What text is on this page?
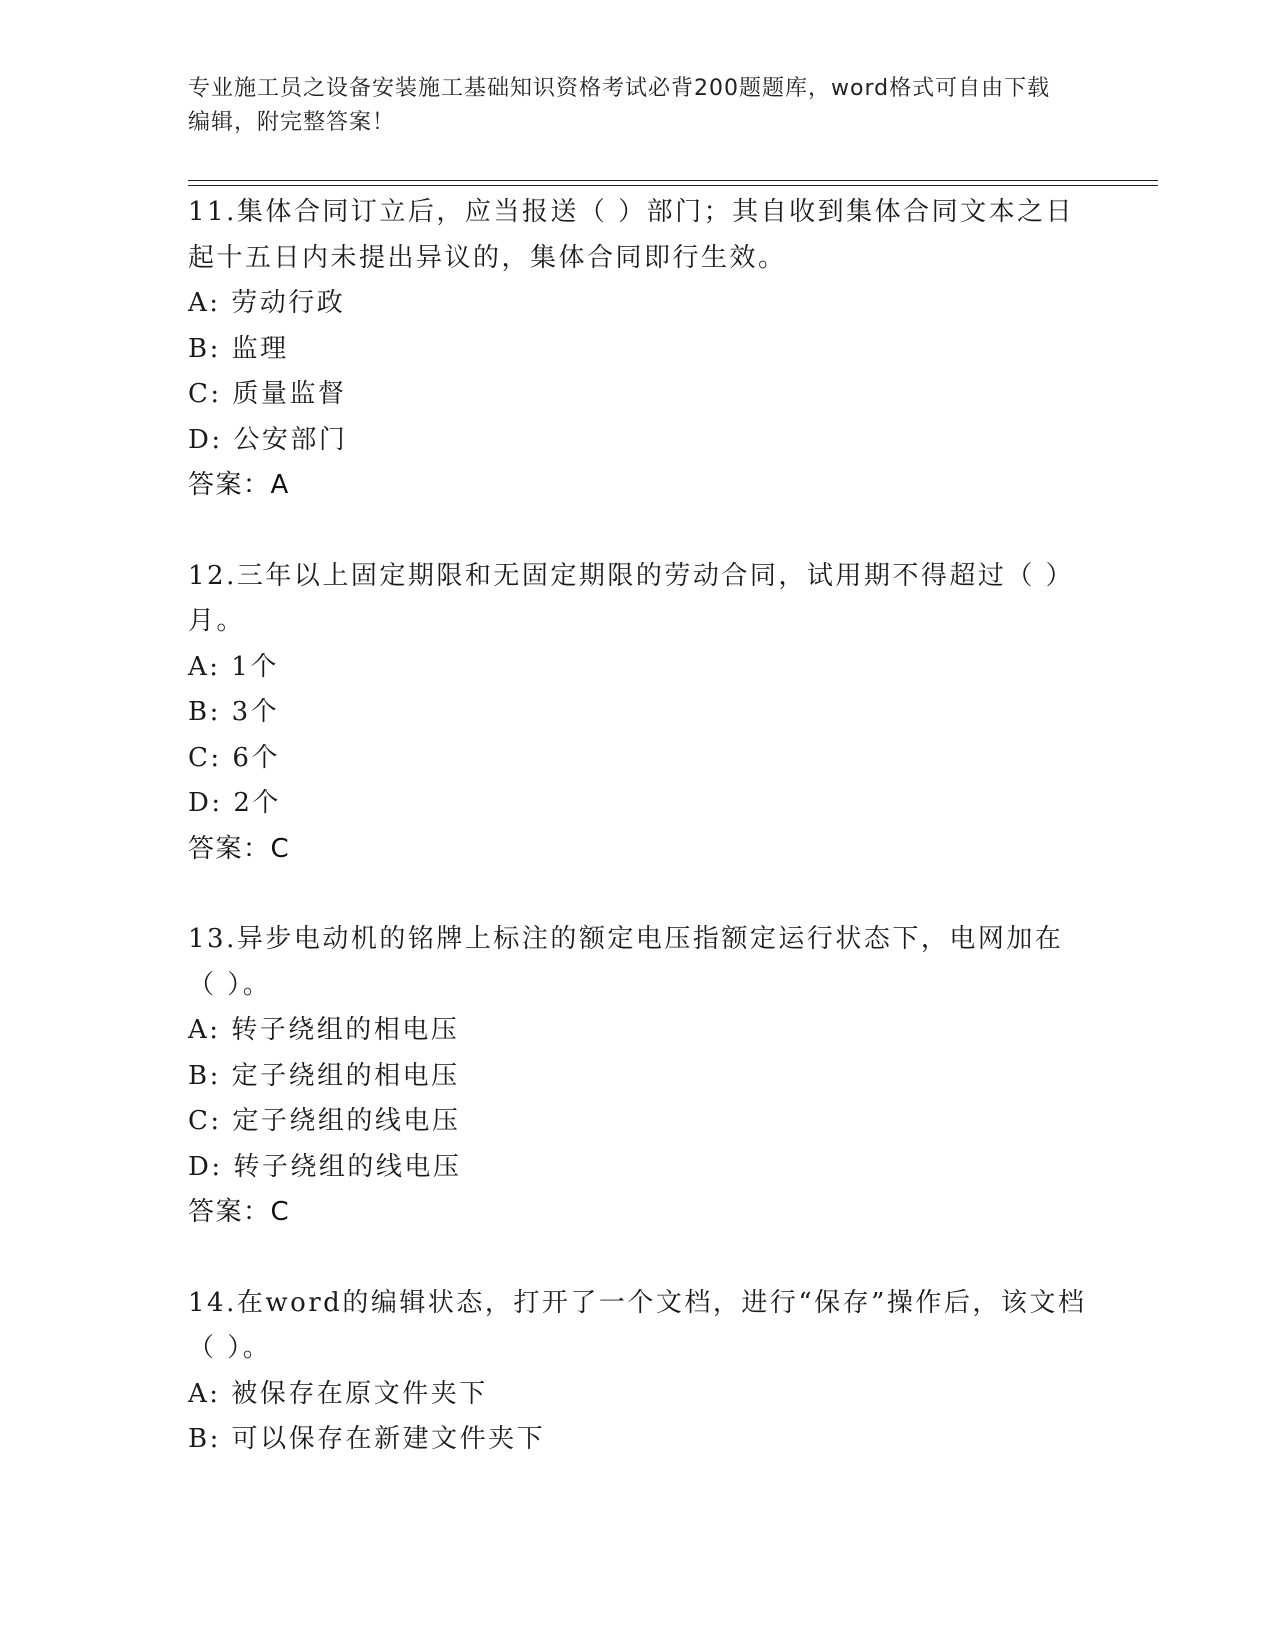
专业施工员之设备安装施工基础知识资格考试必背200题题库，word格式可自由下载编辑，附完整答案！

11.集体合同订立后，应当报送（ ）部门；其自收到集体合同文本之日起十五日内未提出异议的，集体合同即行生效。

A: 劳动行政

B: 监理

C: 质量监督

D: 公安部门

答案：A

12.三年以上固定期限和无固定期限的劳动合同，试用期不得超过（ ）月。

A: 1个

B: 3个

C: 6个

D: 2个

答案：C

13.异步电动机的铭牌上标注的额定电压指额定运行状态下，电网加在（ ）。

A: 转子绕组的相电压

B: 定子绕组的相电压

C: 定子绕组的线电压

D: 转子绕组的线电压

答案：C

14.在word的编辑状态，打开了一个文档，进行“保存”操作后，该文档（ ）。

A: 被保存在原文件夹下

B: 可以保存在新建文件夹下
